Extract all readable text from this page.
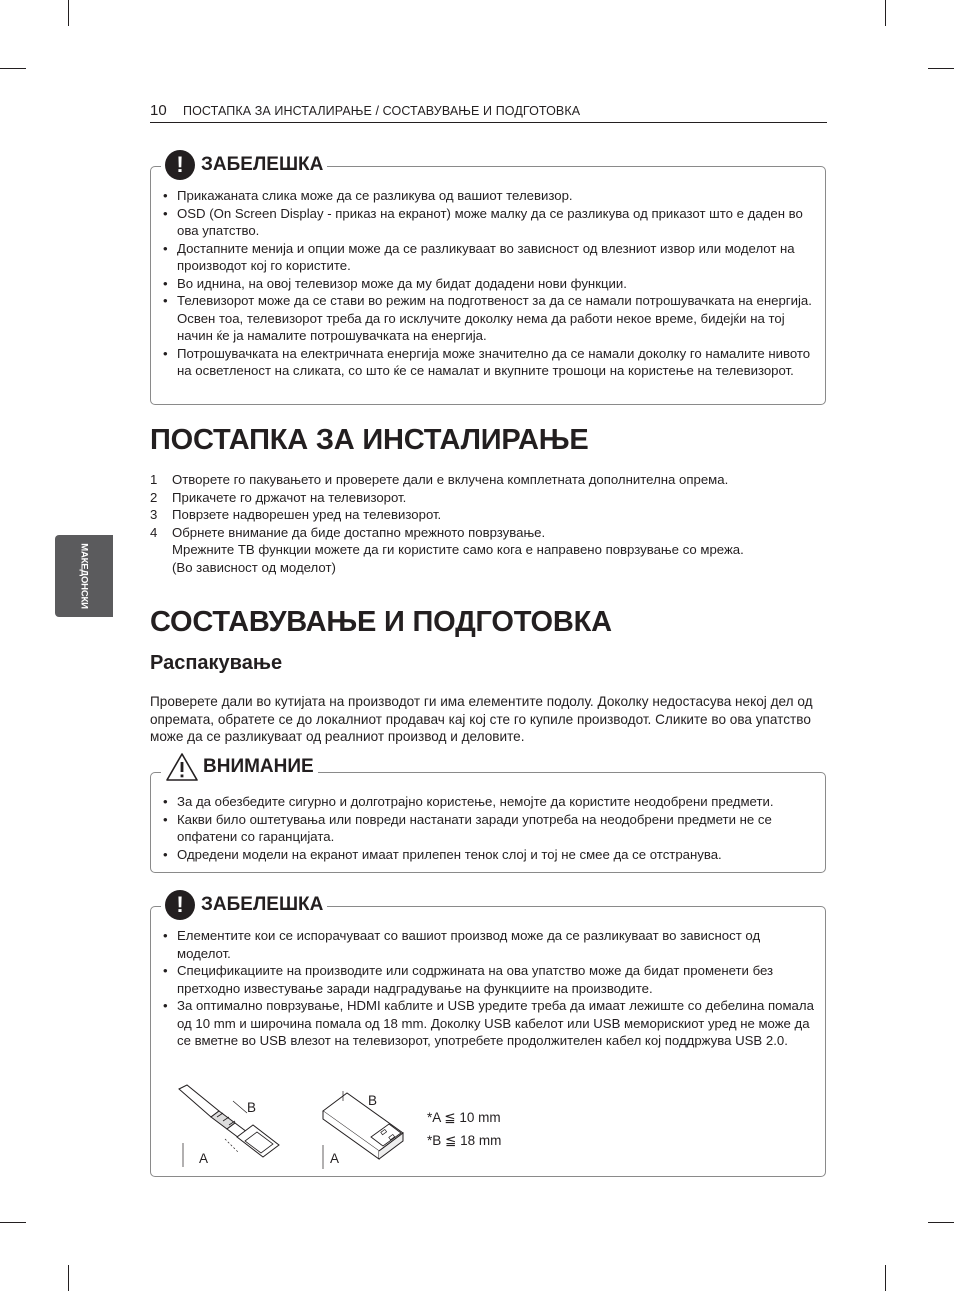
10 ПОСТАПКА ЗА ИНСТАЛИРАЊЕ / СОСТАВУВАЊЕ И ПОДГОТОВКА
МАКЕДОНСКИ
! ЗАБЕЛЕШКА
• Прикажаната слика може да се разликува од вашиот телевизор.
• OSD (On Screen Display - приказ на екранот) може малку да се разликува од приказот што е даден во ова упатство.
• Достапните менија и опции може да се разликуваат во зависност од влезниот извор или моделот на производот кој го користите.
• Во иднина, на овој телевизор може да му бидат додадени нови функции.
• Телевизорот може да се стави во режим на подготвеност за да се намали потрошувачката на енергија. Освен тоа, телевизорот треба да го исклучите доколку нема да работи некое време, бидејќи на тој начин ќе ја намалите потрошувачката на енергија.
• Потрошувачката на електричната енергија може значително да се намали доколку го намалите нивото на осветленост на сликата, со што ќе се намалат и вкупните трошоци на користење на телевизорот.
ПОСТАПКА ЗА ИНСТАЛИРАЊЕ
1 Отворете го пакувањето и проверете дали е вклучена комплетната дополнителна опрема.
2 Прикачете го држачот на телевизорот.
3 Поврзете надворешен уред на телевизорот.
4 Обрнете внимание да биде достапно мрежното поврзување.
Мрежните ТВ функции можете да ги користите само кога е направено поврзување со мрежа.
(Во зависност од моделот)
СОСТАВУВАЊЕ И ПОДГОТОВКА
Распакување
Проверете дали во кутијата на производот ги има елементите подолу. Доколку недостасува некој дел од опремата, обратете се до локалниот продавач кај кој сте го купиле производот. Сликите во ова упатство може да се разликуваат од реалниот производ и деловите.
ВНИМАНИЕ
• За да обезбедите сигурно и долготрајно користење, немојте да користите неодобрени предмети.
• Какви било оштетувања или повреди настанати заради употреба на неодобрени предмети не се опфатени со гаранцијата.
• Одредени модели на екранот имаат прилепен тенок слој и тој не смее да се отстранува.
! ЗАБЕЛЕШКА
• Елементите кои се испорачуваат со вашиот производ може да се разликуваат во зависност од моделот.
• Спецификациите на производите или содржината на ова упатство може да бидат променети без претходно известување заради надградување на функциите на производите.
• За оптимално поврзување, HDMI каблите и USB уредите треба да имаат лежиште со дебелина помала од 10 mm и широчина помала од 18 mm. Доколку USB кабелот или USB меморискиот уред не може да се вметне во USB влезот на телевизорот, употребете продолжителен кабел кој поддржува USB 2.0.
B
A
B
A
*A ≦ 10 mm
*B ≦ 18 mm
